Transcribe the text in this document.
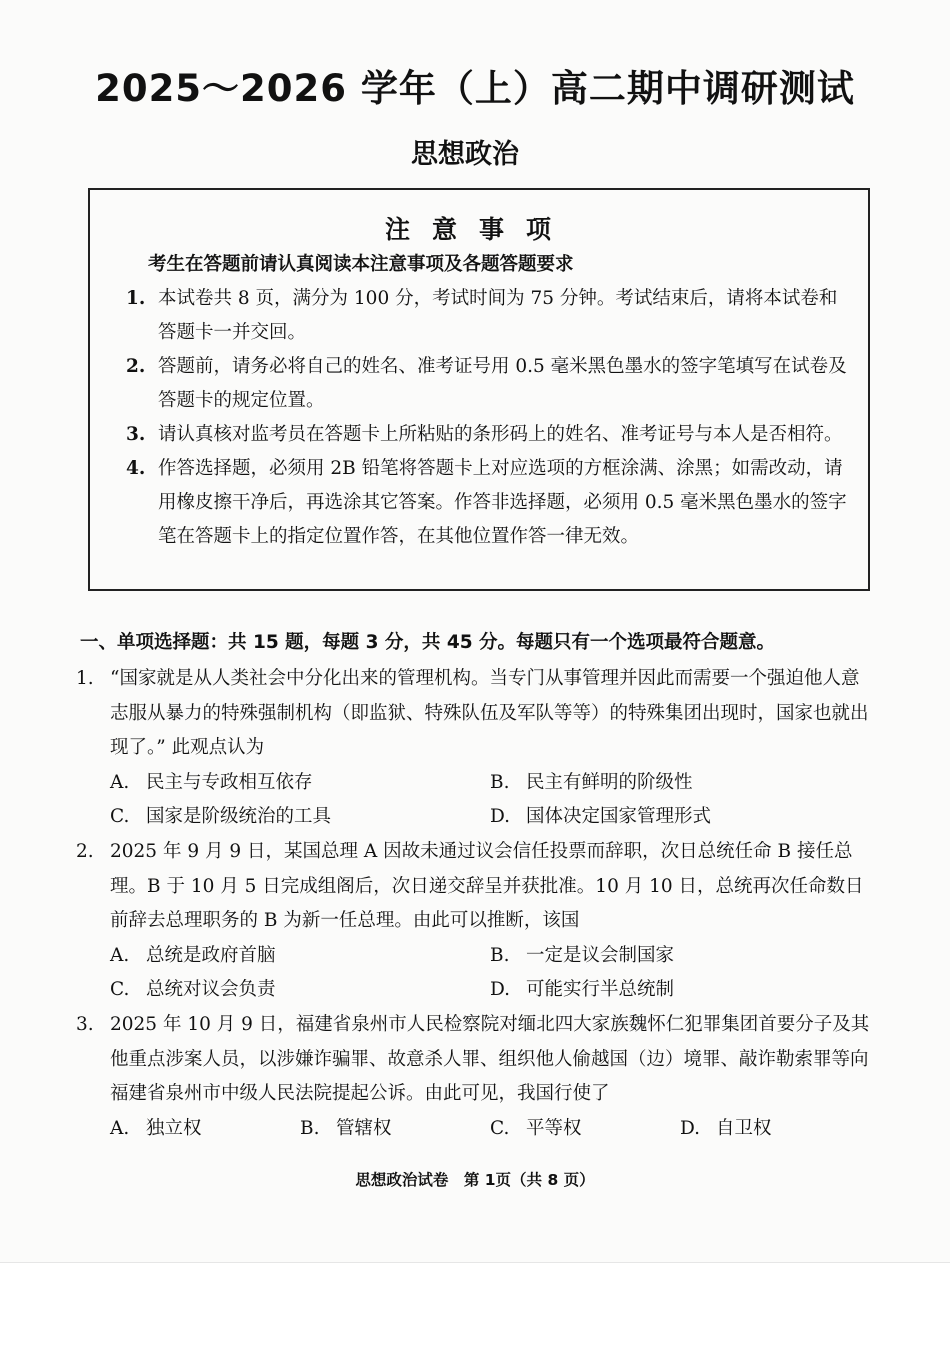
2025～2026 学年（上）高二期中调研测试
思想政治
注意事项
考生在答题前请认真阅读本注意事项及各题答题要求
1. 本试卷共 8 页，满分为 100 分，考试时间为 75 分钟。考试结束后，请将本试卷和答题卡一并交回。
2. 答题前，请务必将自己的姓名、准考证号用 0.5 毫米黑色墨水的签字笔填写在试卷及答题卡的规定位置。
3. 请认真核对监考员在答题卡上所粘贴的条形码上的姓名、准考证号与本人是否相符。
4. 作答选择题，必须用 2B 铅笔将答题卡上对应选项的方框涂满、涂黑；如需改动，请用橡皮擦干净后，再选涂其它答案。作答非选择题，必须用 0.5 毫米黑色墨水的签字笔在答题卡上的指定位置作答，在其他位置作答一律无效。
一、单项选择题：共 15 题，每题 3 分，共 45 分。每题只有一个选项最符合题意。
1. “国家就是从人类社会中分化出来的管理机构。当专门从事管理并因此而需要一个强迫他人意志服从暴力的特殊强制机构（即监狱、特殊队伍及军队等等）的特殊集团出现时，国家也就出现了。” 此观点认为
A. 民主与专政相互依存	B. 民主有鲜明的阶级性
C. 国家是阶级统治的工具	D. 国体决定国家管理形式
2. 2025 年 9 月 9 日，某国总理 A 因故未通过议会信任投票而辞职，次日总统任命 B 接任总理。B 于 10 月 5 日完成组阁后，次日递交辞呈并获批准。10 月 10 日，总统再次任命数日前辞去总理职务的 B 为新一任总理。由此可以推断，该国
A. 总统是政府首脑	B. 一定是议会制国家
C. 总统对议会负责	D. 可能实行半总统制
3. 2025 年 10 月 9 日，福建省泉州市人民检察院对缅北四大家族魏怀仁犯罪集团首要分子及其他重点涉案人员，以涉嫌诈骗罪、故意杀人罪、组织他人偷越国（边）境罪、敲诈勒索罪等向福建省泉州市中级人民法院提起公诉。由此可见，我国行使了
A. 独立权	B. 管辖权	C. 平等权	D. 自卫权
思想政治试卷　第 1页（共 8 页）
